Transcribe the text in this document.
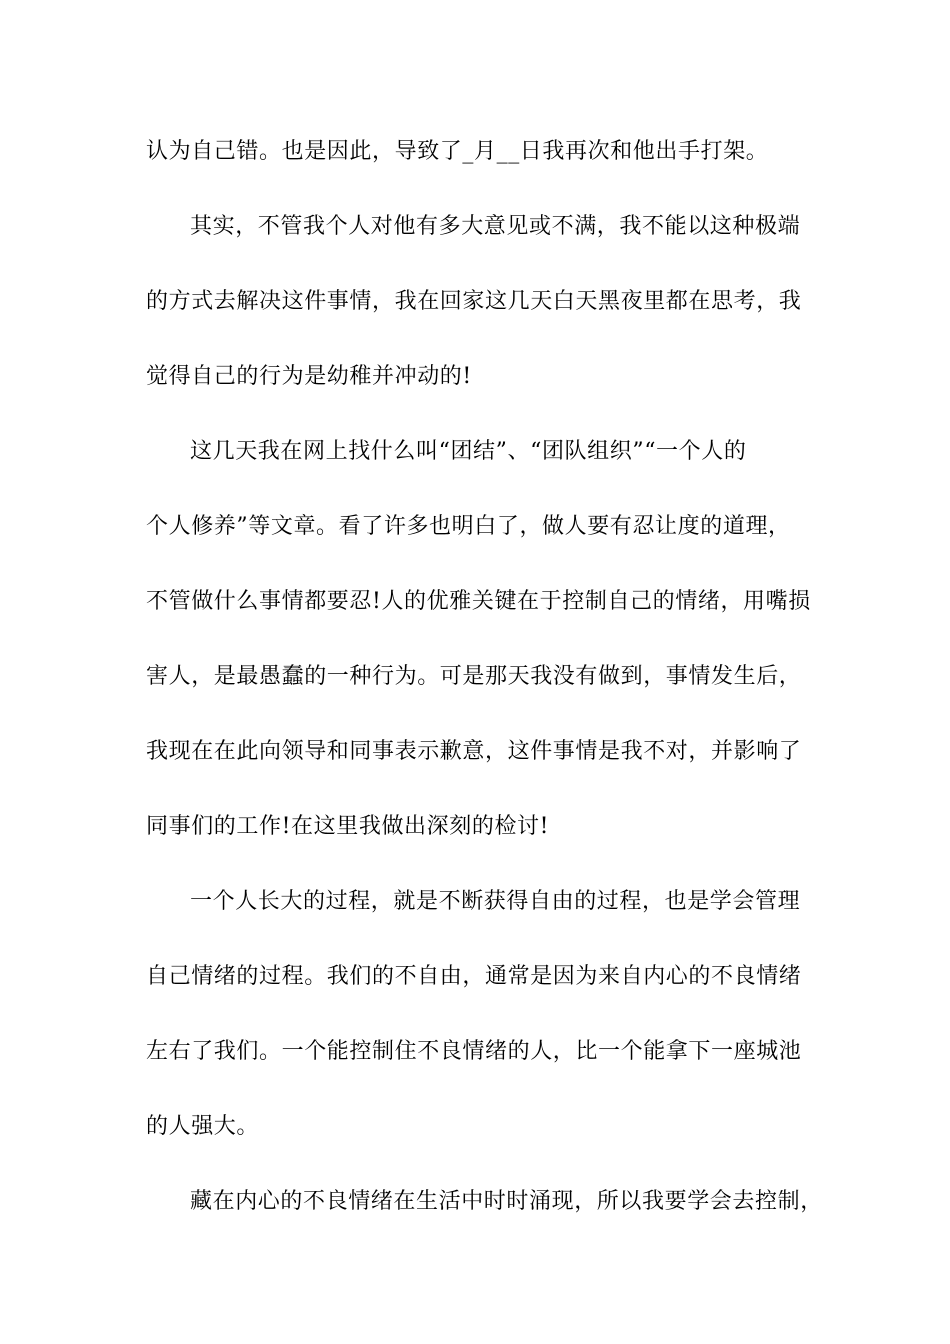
认为自己错。也是因此，导致了_月__日我再次和他出手打架。
其实，不管我个人对他有多大意见或不满，我不能以这种极端
的方式去解决这件事情，我在回家这几天白天黑夜里都在思考，我
觉得自己的行为是幼稚并冲动的!
这几天我在网上找什么叫“团结”、“团队组织”“一个人的
个人修养”等文章。看了许多也明白了，做人要有忍让度的道理，
不管做什么事情都要忍!人的优雅关键在于控制自己的情绪，用嘴损
害人，是最愚蠢的一种行为。可是那天我没有做到，事情发生后，
我现在在此向领导和同事表示歉意，这件事情是我不对，并影响了
同事们的工作!在这里我做出深刻的检讨!
一个人长大的过程，就是不断获得自由的过程，也是学会管理
自己情绪的过程。我们的不自由，通常是因为来自内心的不良情绪
左右了我们。一个能控制住不良情绪的人，比一个能拿下一座城池
的人强大。
藏在内心的不良情绪在生活中时时涌现，所以我要学会去控制，
